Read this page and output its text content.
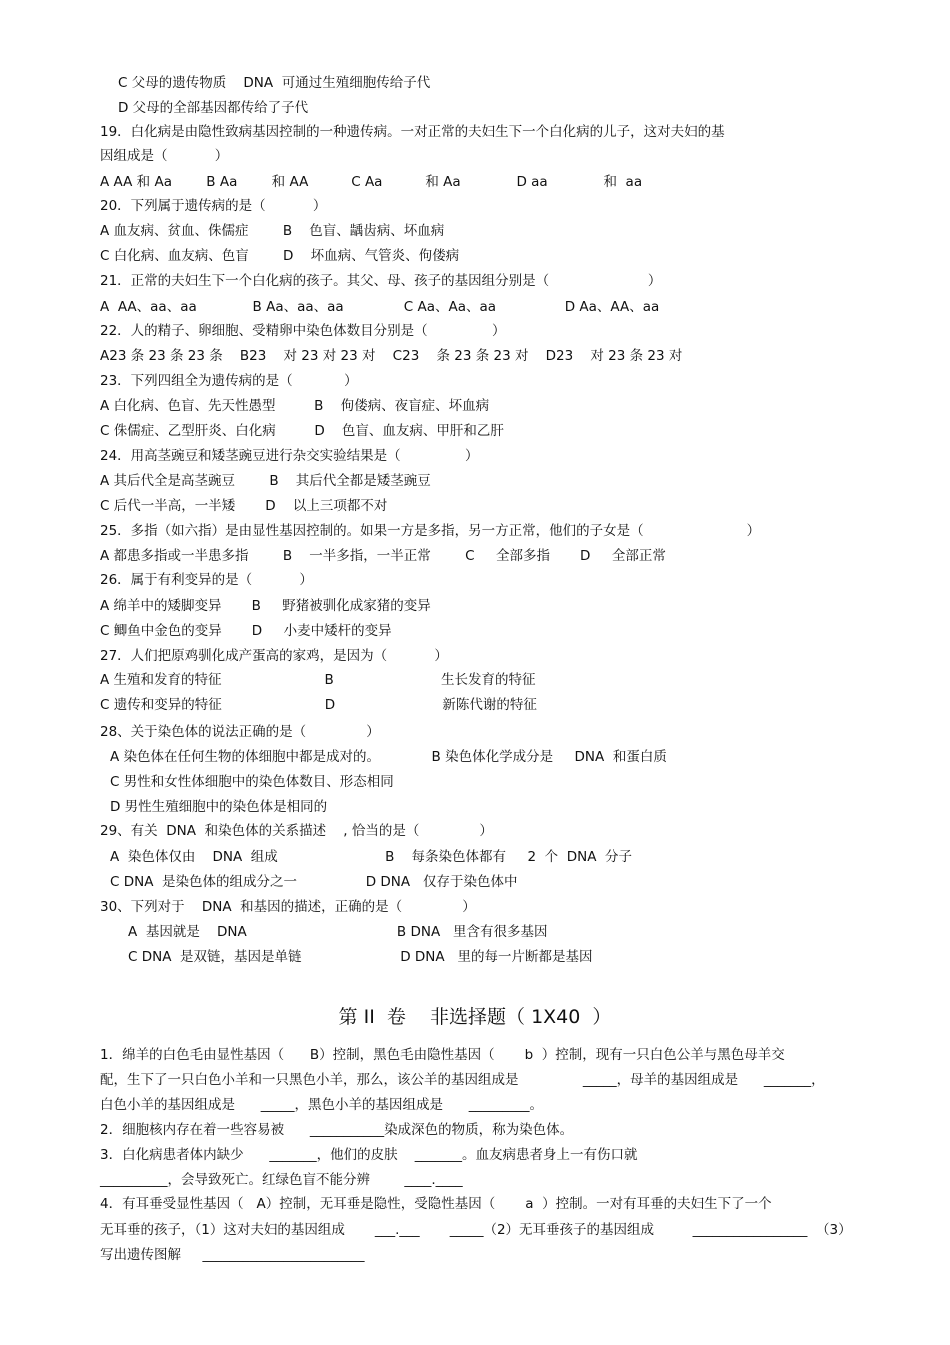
C 父母的遗传物质    DNA  可通过生殖细胞传给子代
D 父母的全部基因都传给了子代
19．白化病是由隐性致病基因控制的一种遗传病。一对正常的夫妇生下一个白化病的儿子，这对夫妇的基
因组成是（           ）
A AA 和 Aa        B Aa        和 AA          C Aa          和 Aa             D aa             和  aa
20．下列属于遗传病的是（           ）
A 血友病、贫血、侏儒症        B    色盲、龋齿病、坏血病
C 白化病、血友病、色盲        D    坏血病、气管炎、佝偻病
21．正常的夫妇生下一个白化病的孩子。其父、母、孩子的基因组分别是（                       ）
A  AA、aa、aa             B Aa、aa、aa              C Aa、Aa、aa                D Aa、AA、aa
22．人的精子、卵细胞、受精卵中染色体数目分别是（               ）
A23 条 23 条 23 条    B23    对 23 对 23 对    C23    条 23 条 23 对    D23    对 23 条 23 对
23．下列四组全为遗传病的是（            ）
A 白化病、色盲、先天性愚型         B    佝偻病、夜盲症、坏血病
C 侏儒症、乙型肝炎、白化病         D    色盲、血友病、甲肝和乙肝
24．用高茎豌豆和矮茎豌豆进行杂交实验结果是（               ）
A 其后代全是高茎豌豆        B    其后代全都是矮茎豌豆
C 后代一半高，一半矮       D    以上三项都不对
25．多指（如六指）是由显性基因控制的。如果一方是多指，另一方正常，他们的子女是（                        ）
A 都患多指或一半患多指        B    一半多指，一半正常        C     全部多指       D     全部正常
26．属于有利变异的是（           ）
A 绵羊中的矮脚变异       B     野猪被驯化成家猪的变异
C 鲫鱼中金色的变异       D     小麦中矮杆的变异
27．人们把原鸡驯化成产蛋高的家鸡，是因为（           ）
A 生殖和发育的特征                        B                         生长发育的特征
C 遗传和变异的特征                        D                         新陈代谢的特征
28、关于染色体的说法正确的是（              ）
A 染色体在任何生物的体细胞中都是成对的。            B 染色体化学成分是     DNA  和蛋白质
C 男性和女性体细胞中的染色体数目、形态相同
D 男性生殖细胞中的染色体是相同的
29、有关  DNA  和染色体的关系描述    , 恰当的是（              ）
A  染色体仅由    DNA  组成                         B    每条染色体都有     2  个  DNA  分子
C DNA  是染色体的组成分之一                D DNA   仅存于染色体中
30、下列对于    DNA  和基因的描述，正确的是（              ）
A  基因就是    DNA                                   B DNA   里含有很多基因
C DNA  是双链，基因是单链                       D DNA   里的每一片断都是基因
第 II  卷    非选择题（ 1X40  ）
1．绵羊的白色毛由显性基因（      B）控制，黑色毛由隐性基因（       b  ）控制，现有一只白色公羊与黑色母羊交
配，生下了一只白色小羊和一只黑色小羊，那么，该公羊的基因组成是               _____，母羊的基因组成是      _______，
白色小羊的基因组成是      _____，黑色小羊的基因组成是      _________。
2．细胞核内存在着一些容易被      ___________染成深色的物质，称为染色体。
3．白化病患者体内缺少      _______，他们的皮肤    _______。血友病患者身上一有伤口就
__________，会导致死亡。红绿色盲不能分辨        ____.____
4．有耳垂受显性基因（   A）控制，无耳垂是隐性，受隐性基因（       a  ）控制。一对有耳垂的夫妇生下了一个
无耳垂的孩子，（1）这对夫妇的基因组成       ___.___       _____（2）无耳垂孩子的基因组成         _________________  （3）
写出遗传图解     ________________________
